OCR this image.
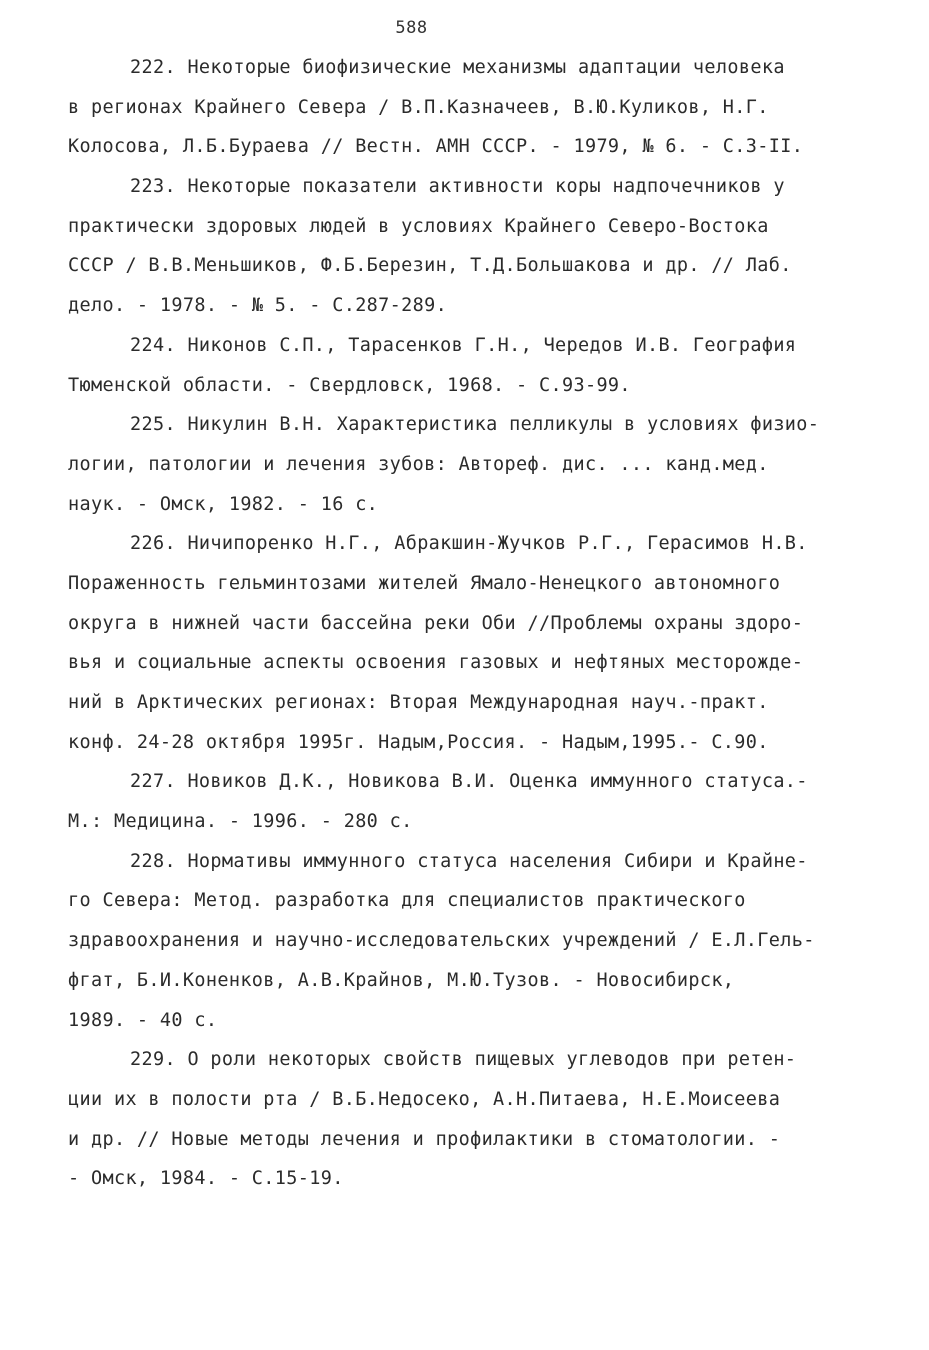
588
222. Некоторые биофизические механизмы адаптации человека
в регионах Крайнего Севера / В.П.Казначеев, В.Ю.Куликов, Н.Г.
Колосова, Л.Б.Бураева // Вестн. АМН СССР. - 1979, № 6. - С.3-II.
223. Некоторые показатели активности коры надпочечников у
практически здоровых людей в условиях Крайнего Северо-Востока
СССР / В.В.Меньшиков, Ф.Б.Березин, Т.Д.Большакова и др. // Лаб.
дело. - 1978. - № 5. - С.287-289.
224. Никонов С.П., Тарасенков Г.Н., Чередов И.В. География
Тюменской области. - Свердловск, 1968. - С.93-99.
225. Никулин В.Н. Характеристика пелликулы в условиях физио-
логии, патологии и лечения зубов: Автореф. дис. ... канд.мед.
наук. - Омск, 1982. - 16 с.
226. Ничипоренко Н.Г., Абракшин-Жучков Р.Г., Герасимов Н.В.
Пораженность гельминтозами жителей Ямало-Ненецкого автономного
округа в нижней части бассейна реки Оби //Проблемы охраны здоро-
вья и социальные аспекты освоения газовых и нефтяных месторожде-
ний в Арктических регионах: Вторая Международная науч.-практ.
конф. 24-28 октября 1995г. Надым,Россия. - Надым,1995.- С.90.
227. Новиков Д.К., Новикова В.И. Оценка иммунного статуса.-
М.: Медицина. - 1996. - 280 с.
228. Нормативы иммунного статуса населения Сибири и Крайне-
го Севера: Метод. разработка для специалистов практического
здравоохранения и научно-исследовательских учреждений / Е.Л.Гель-
фгат, Б.И.Коненков, А.В.Крайнов, М.Ю.Тузов. - Новосибирск,
1989. - 40 с.
229. О роли некоторых свойств пищевых углеводов при ретен-
ции их в полости рта / В.Б.Недосеко, А.Н.Питаева, Н.Е.Моисеева
и др. // Новые методы лечения и профилактики в стоматологии. -
- Омск, 1984. - С.15-19.
